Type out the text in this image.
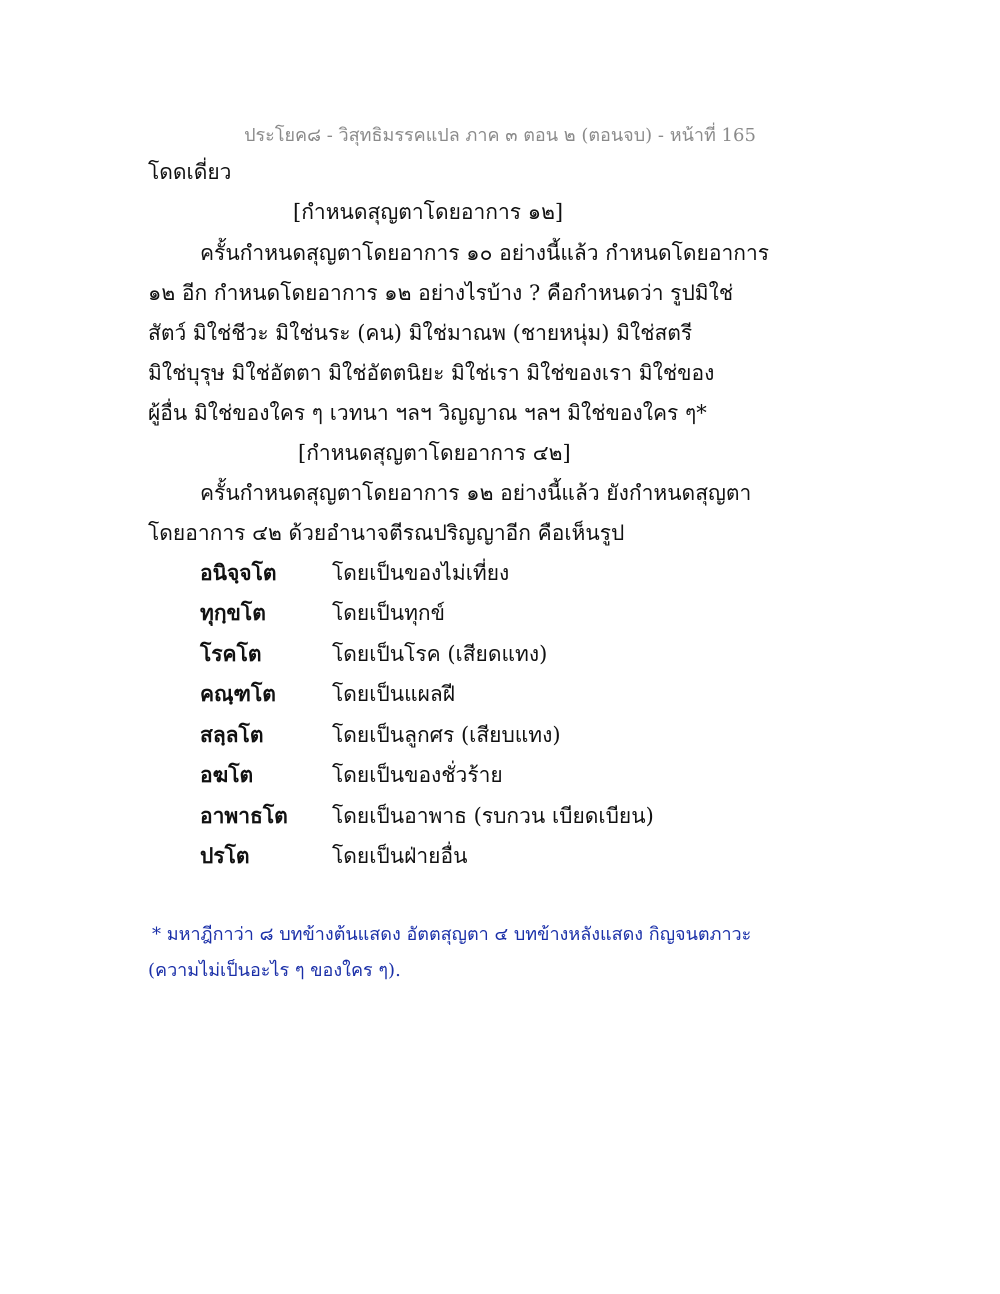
ประโยค๘ - วิสุทธิมรรคแปล ภาค ๓ ตอน ๒ (ตอนจบ) - หน้าที่ 165
โดดเดี่ยว
[กำหนดสุญตาโดยอาการ ๑๒]
ครั้นกำหนดสุญตาโดยอาการ ๑๐ อย่างนี้แล้ว กำหนดโดยอาการ
๑๒ อีก กำหนดโดยอาการ ๑๒ อย่างไรบ้าง ? คือกำหนดว่า รูปมิใช่
สัตว์ มิใช่ชีวะ มิใช่นระ (คน) มิใช่มาณพ (ชายหนุ่ม) มิใช่สตรี
มิใช่บุรุษ มิใช่อัตตา มิใช่อัตตนิยะ มิใช่เรา มิใช่ของเรา มิใช่ของ
ผู้อื่น มิใช่ของใคร ๆ เวทนา ฯลฯ วิญญาณ ฯลฯ มิใช่ของใคร ๆ*
[กำหนดสุญตาโดยอาการ ๔๒]
ครั้นกำหนดสุญตาโดยอาการ ๑๒ อย่างนี้แล้ว ยังกำหนดสุญตา
โดยอาการ ๔๒ ด้วยอำนาจตีรณปริญญาอีก คือเห็นรูป
อนิจฺจโต	โดยเป็นของไม่เที่ยง
ทุกฺขโต	โดยเป็นทุกข์
โรคโต	โดยเป็นโรค (เสียดแทง)
คณฺฑโต	โดยเป็นแผลฝี
สลฺลโต	โดยเป็นลูกศร (เสียบแทง)
อฆโต	โดยเป็นของชั่วร้าย
อาพาธโต โดยเป็นอาพาธ (รบกวน เบียดเบียน)
ปรโต	โดยเป็นฝ่ายอื่น
* มหาฎีกาว่า ๘ บทข้างต้นแสดง อัตตสุญตา ๔ บทข้างหลังแสดง กิญจนตภาวะ
(ความไม่เป็นอะไร ๆ ของใคร ๆ).
